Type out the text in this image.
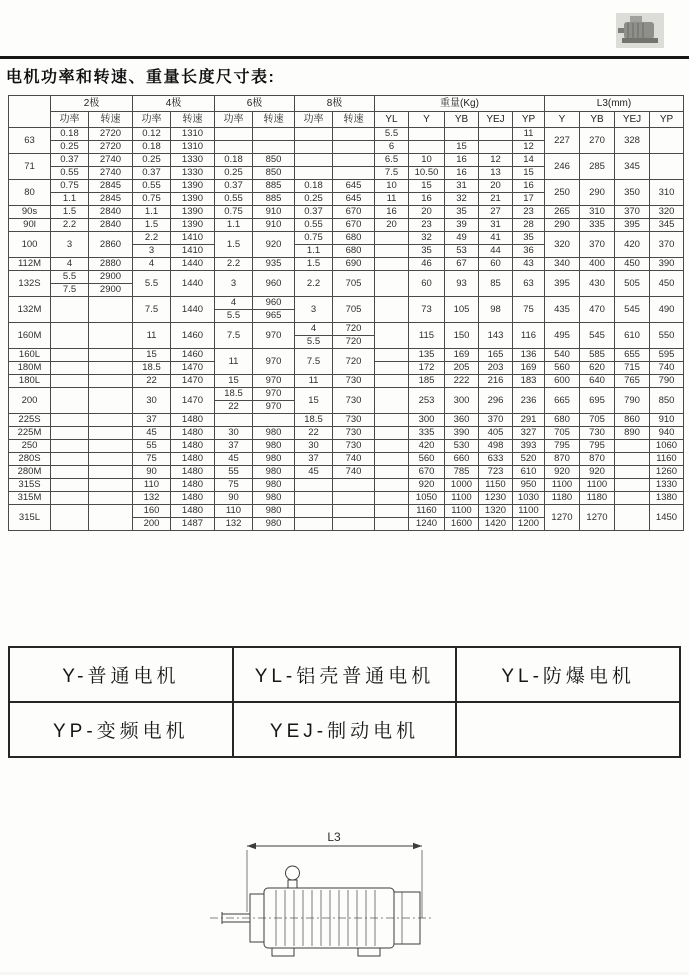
电机功率和转速、重量长度尺寸表:
	2极		4极		6极		8极		重量(Kg)					L3(mm)			
	功率	转速	功率	转速	功率	转速	功率	转速	YL	Y	YB	YEJ	YP	Y	YB	YEJ	YP
63	0.18	2720	0.12	1310					5.5				11	227	270	328	
	0.25	2720	0.18	1310					6		15		12				
71	0.37	2740	0.25	1330	0.18	850			6.5	10	16	12	14	246	285	345	
	0.55	2740	0.37	1330	0.25	850			7.5	10.50	16	13	15				
80	0.75	2845	0.55	1390	0.37	885	0.18	645	10	15	31	20	16	250	290	350	310
	1.1	2845	0.75	1390	0.55	885	0.25	645	11	16	32	21	17				
90s	1.5	2840	1.1	1390	0.75	910	0.37	670	16	20	35	27	23	265	310	370	320
90l	2.2	2840	1.5	1390	1.1	910	0.55	670	20	23	39	31	28	290	335	395	345
100	3	2860	2.2	1410	1.5	920	0.75	680		32	49	41	35	320	370	420	370
			3	1410			1.1	680		35	53	44	36				
112M	4	2880	4	1440	2.2	935	1.5	690		46	67	60	43	340	400	450	390
132S	5.5	2900	5.5	1440	3	960	2.2	705		60	93	85	63	395	430	505	450
	7.5	2900															
132M			7.5	1440	4	960	3	705		73	105	98	75	435	470	545	490
					5.5	965											
160M			11	1460	7.5	970	4	720		115	150	143	116	495	545	610	550
							5.5	720									
160L			15	1460	11	970	7.5	720		135	169	165	136	540	585	655	595
180M			18.5	1470						172	205	203	169	560	620	715	740
180L			22	1470	15	970	11	730		185	222	216	183	600	640	765	790
200			30	1470	18.5	970	15	730		253	300	296	236	665	695	790	850
					22	970											
225S			37	1480			18.5	730		300	360	370	291	680	705	860	910
225M			45	1480	30	980	22	730		335	390	405	327	705	730	890	940
250			55	1480	37	980	30	730		420	530	498	393	795	795		1060
280S			75	1480	45	980	37	740		560	660	633	520	870	870		1160
280M			90	1480	55	980	45	740		670	785	723	610	920	920		1260
315S			110	1480	75	980				920	1000	1150	950	1100	1100		1330
315M			132	1480	90	980				1050	1100	1230	1030	1180	1180		1380
315L			160	1480	110	980				1160	1100	1320	1100	1270	1270		1450
			200	1487	132	980				1240	1600	1420	1200				
Y-普通电机	YL-铝壳普通电机	YL-防爆电机
YP-变频电机	YEJ-制动电机	
L3
